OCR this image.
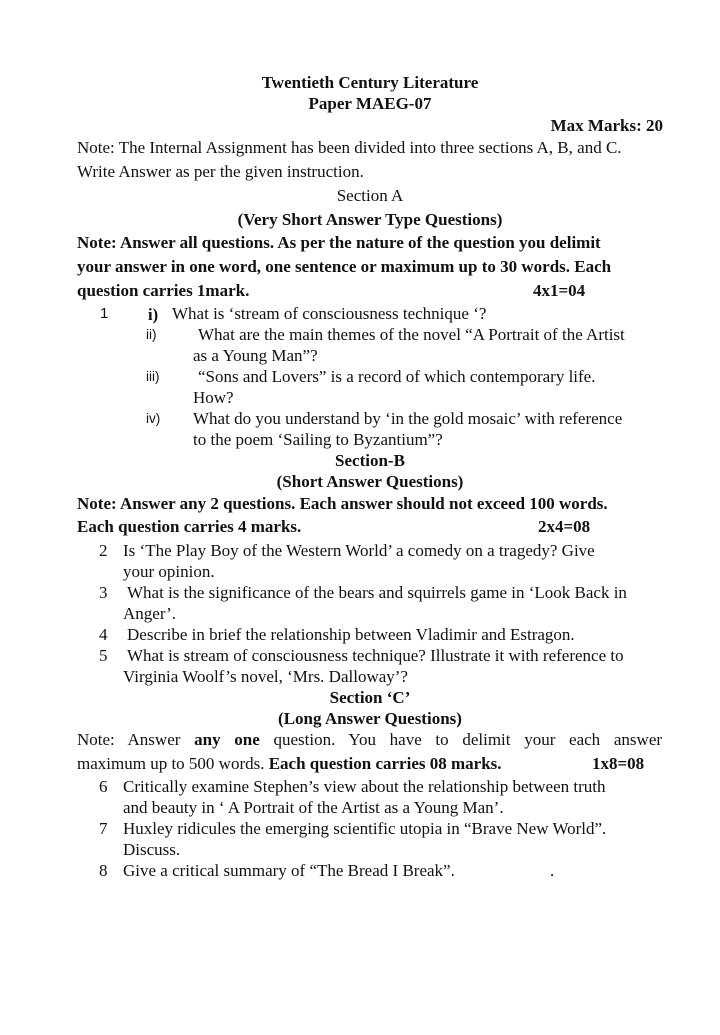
Twentieth Century Literature
Paper MAEG-07
Max Marks: 20
Note: The Internal Assignment has been divided into three sections A, B, and C.
Write Answer as per the given instruction.
Section A
(Very Short Answer Type Questions)
Note: Answer all questions. As per the nature of the question you delimit
your answer in one word, one sentence or maximum up to 30 words. Each
question carries 1mark.	4x1=04
1 i) What is ‘stream of consciousness technique ‘?
ii) What are the main themes of the novel “A Portrait of the Artist
as a Young Man”?
iii) “Sons and Lovers” is a record of which contemporary life.
How?
iv) What do you understand by ‘in the gold mosaic’ with reference
to the poem ‘Sailing to Byzantium”?
Section-B
(Short Answer Questions)
Note: Answer any 2 questions. Each answer should not exceed 100 words.
Each question carries 4 marks.	2x4=08
2 Is ‘The Play Boy of the Western World’ a comedy on a tragedy? Give
your opinion.
3 What is the significance of the bears and squirrels game in ‘Look Back in
Anger’.
4 Describe in brief the relationship between Vladimir and Estragon.
5 What is stream of consciousness technique? Illustrate it with reference to
Virginia Woolf’s novel, ‘Mrs. Dalloway’?
Section ‘C’
(Long Answer Questions)
Note: Answer any one question. You have to delimit your each answer
maximum up to 500 words. Each question carries 08 marks.	1x8=08
6 Critically examine Stephen’s view about the relationship between truth
and beauty in ‘ A Portrait of the Artist as a Young Man’.
7 Huxley ridicules the emerging scientific utopia in “Brave New World”.
Discuss.
8 Give a critical summary of “The Bread I Break”.	.
